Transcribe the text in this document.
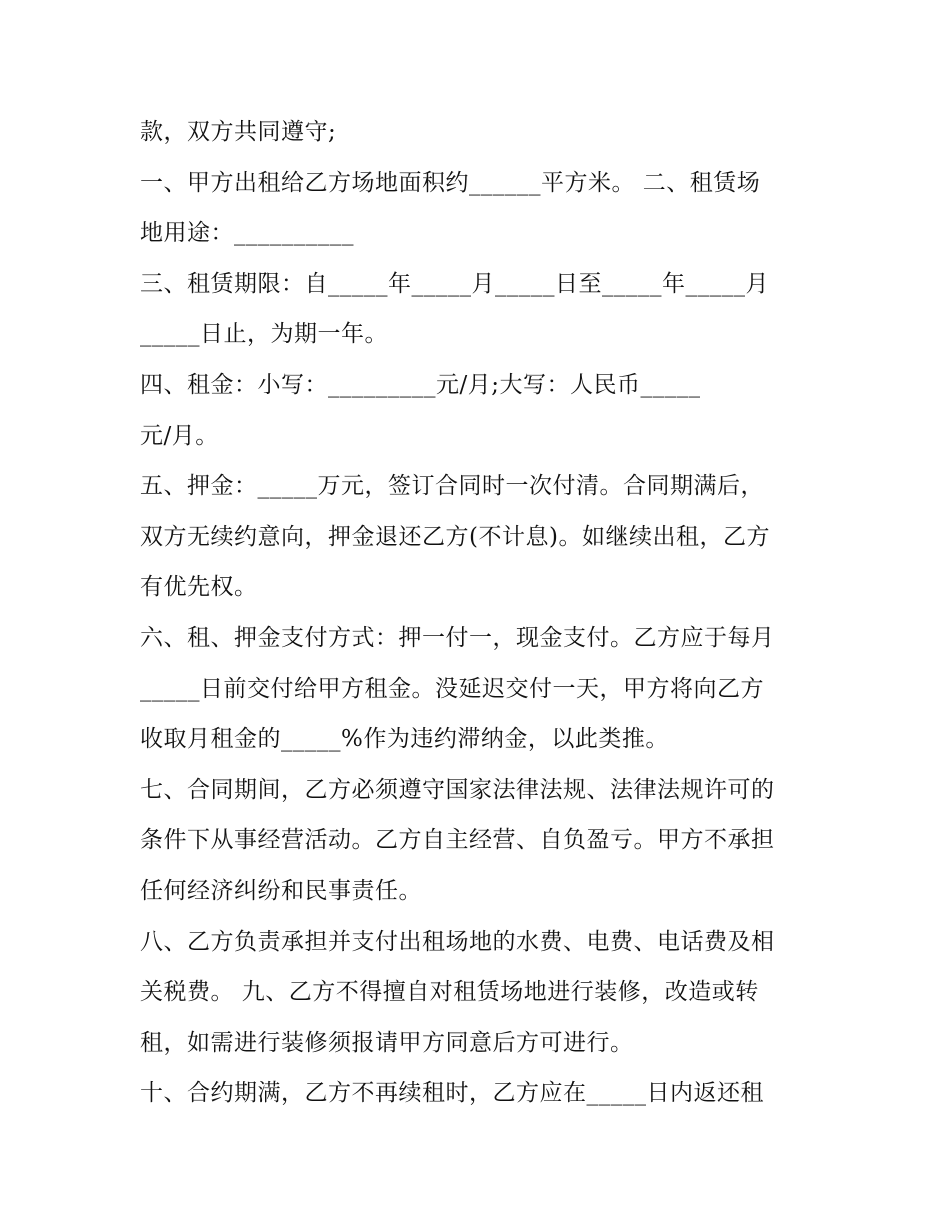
款，双方共同遵守;
一、甲方出租给乙方场地面积约______平方米。 二、租赁场
地用途：__________
三、租赁期限：自_____年_____月_____日至_____年_____月
_____日止，为期一年。
四、租金：小写：_________元/月;大写：人民币_____
元/月。
五、押金：_____万元，签订合同时一次付清。合同期满后，
双方无续约意向，押金退还乙方(不计息)。如继续出租，乙方
有优先权。
六、租、押金支付方式：押一付一，现金支付。乙方应于每月
_____日前交付给甲方租金。没延迟交付一天，甲方将向乙方
收取月租金的_____%作为违约滞纳金，以此类推。
七、合同期间，乙方必须遵守国家法律法规、法律法规许可的
条件下从事经营活动。乙方自主经营、自负盈亏。甲方不承担
任何经济纠纷和民事责任。
八、乙方负责承担并支付出租场地的水费、电费、电话费及相
关税费。 九、乙方不得擅自对租赁场地进行装修，改造或转
租，如需进行装修须报请甲方同意后方可进行。
十、合约期满，乙方不再续租时，乙方应在_____日内返还租
